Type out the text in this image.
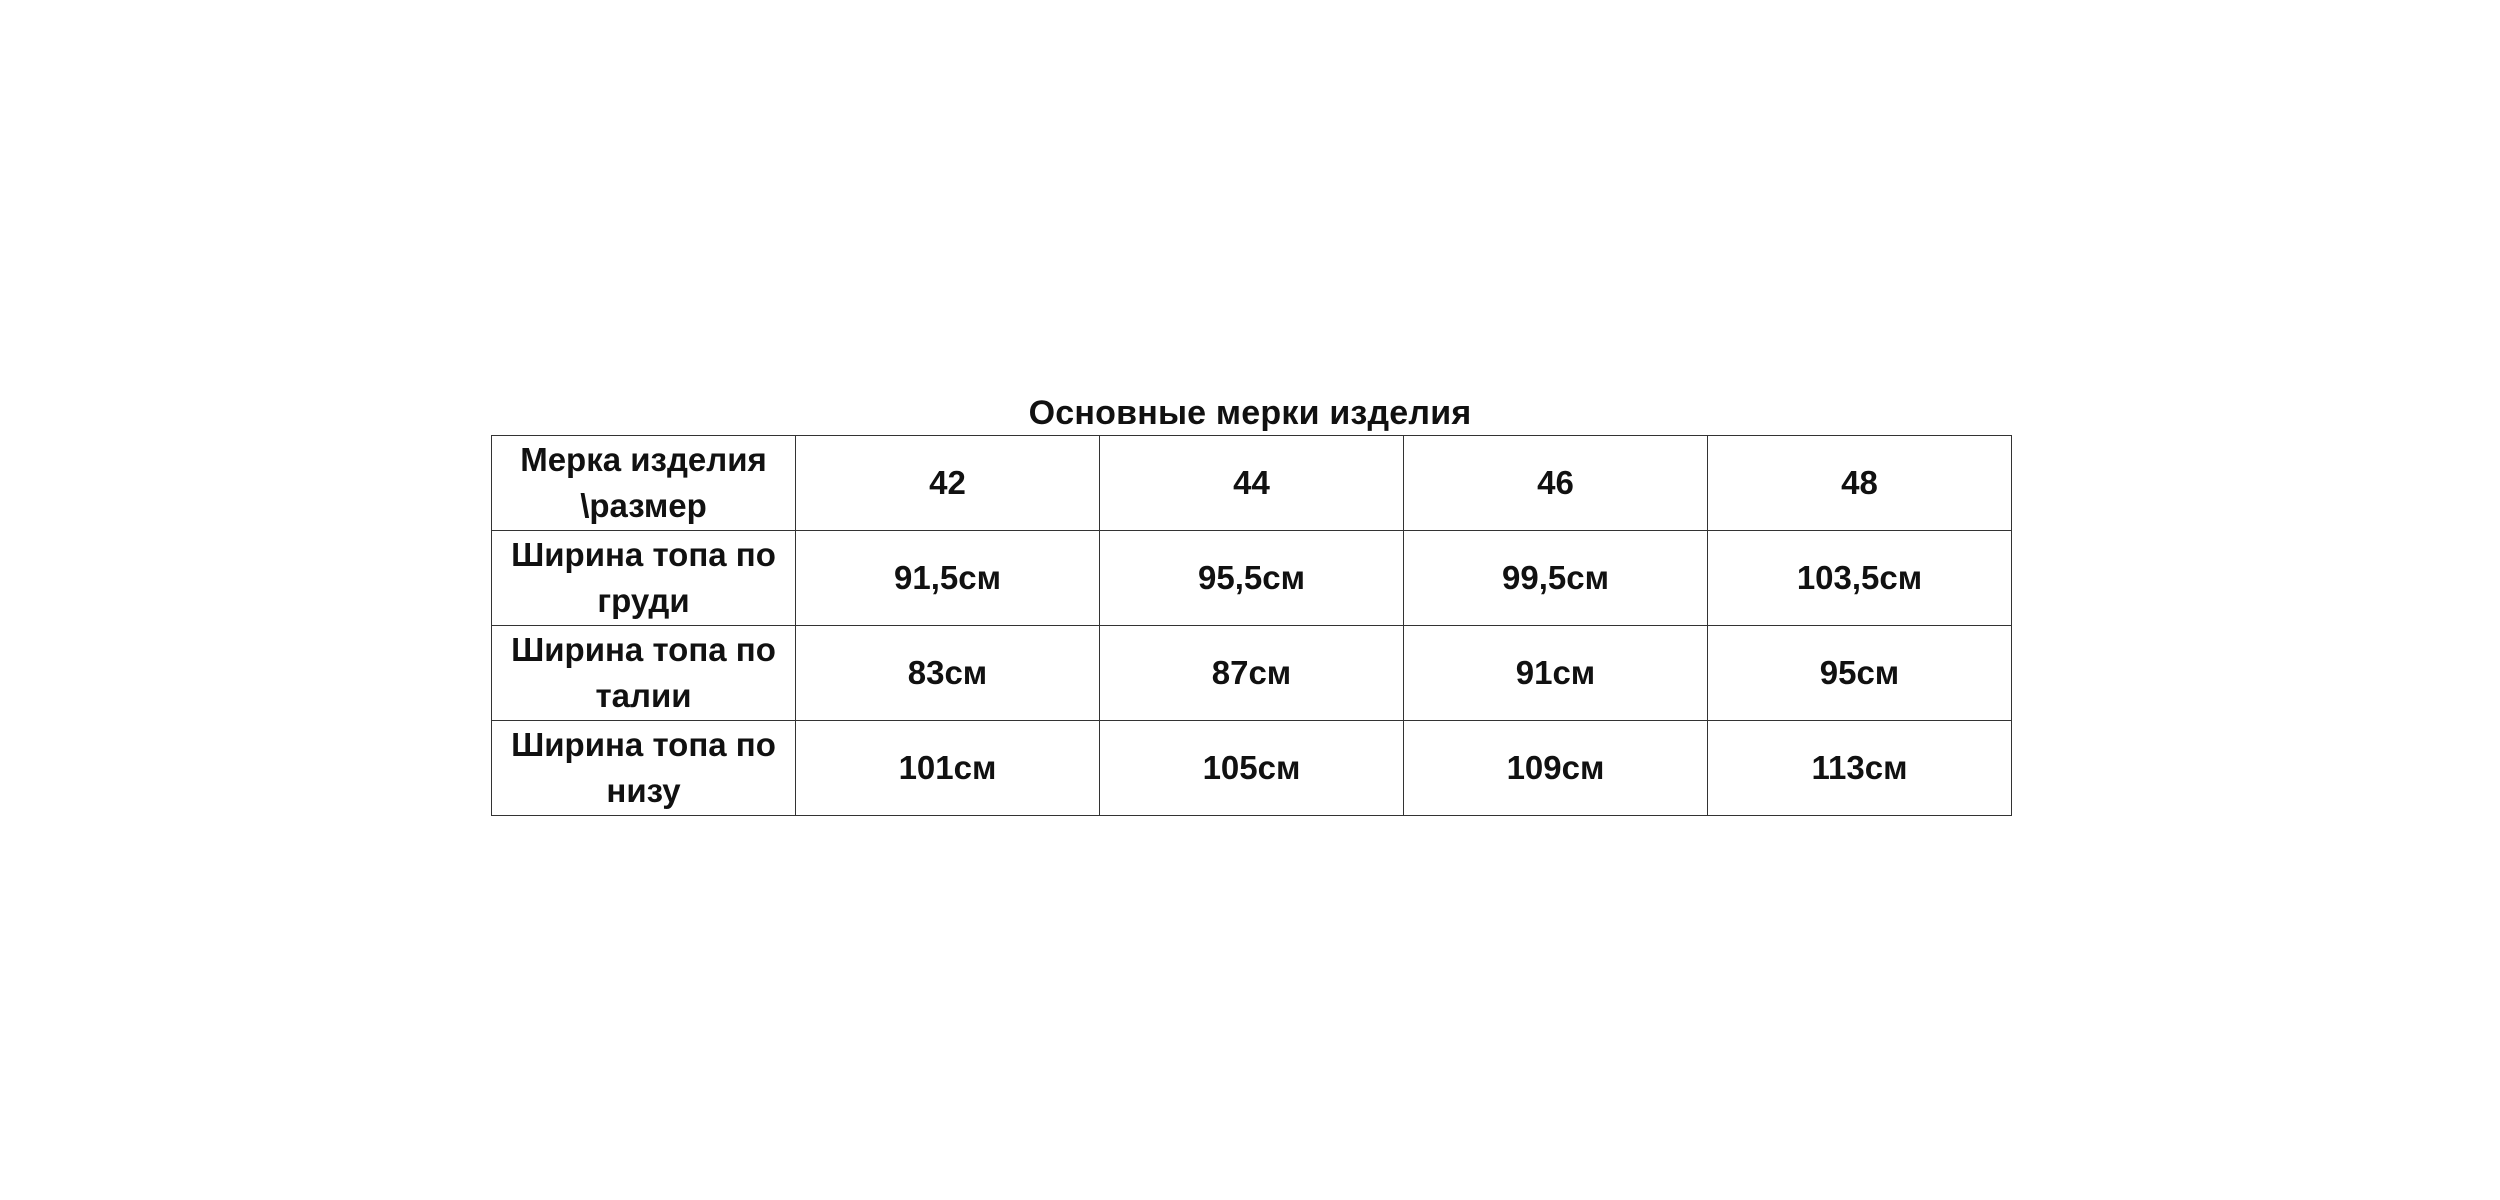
Основные мерки изделия
Мерка изделия \размер	42	44	46	48
Ширина топа по груди	91,5см	95,5см	99,5см	103,5см
Ширина топа по талии	83см	87см	91см	95см
Ширина топа по низу	101см	105см	109см	113см
